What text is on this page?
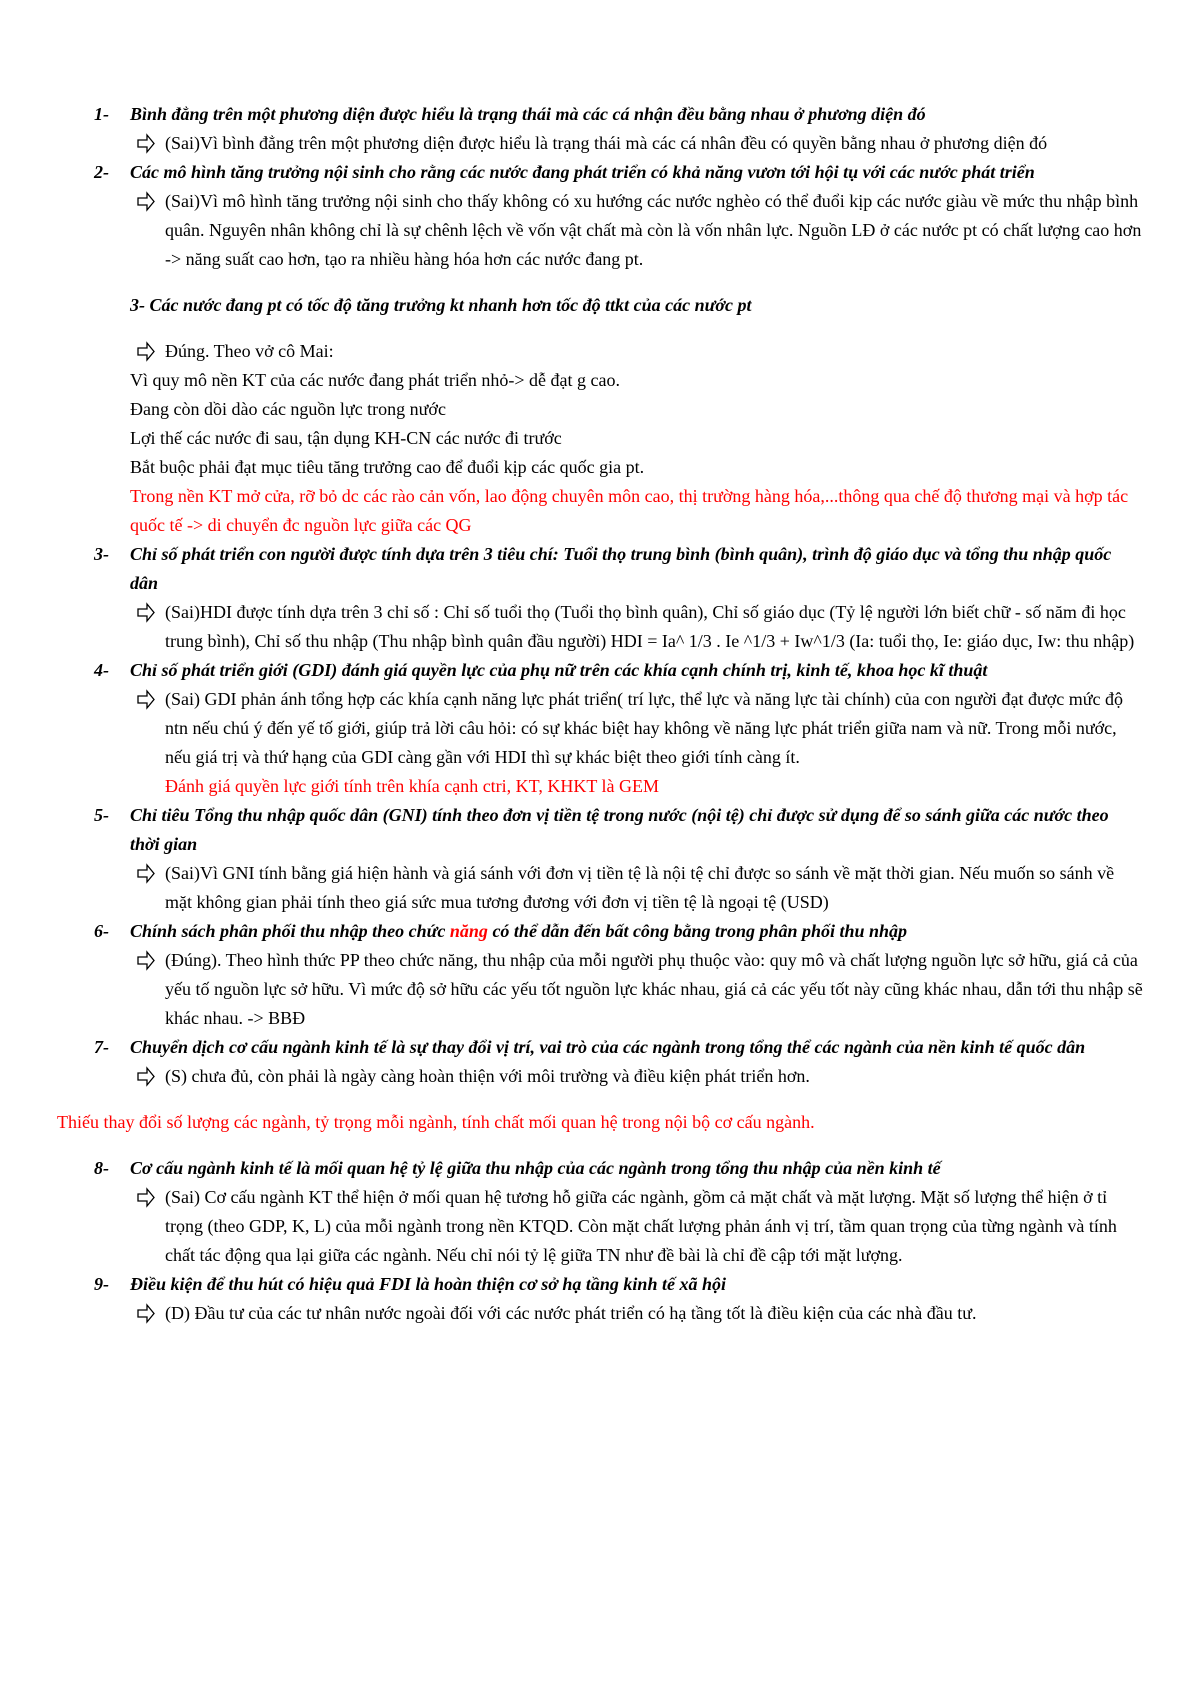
1- Bình đẳng trên một phương diện được hiểu là trạng thái mà các cá nhận đều bằng nhau ở phương diện đó
(Sai)Vì bình đẳng trên một phương diện được hiểu là trạng thái mà các cá nhân đều có quyền bằng nhau ở phương diện đó
2- Các mô hình tăng trưởng nội sinh cho rằng các nước đang phát triển có khả năng vươn tới hội tụ với các nước phát triển
(Sai)Vì mô hình tăng trưởng nội sinh cho thấy không có xu hướng các nước nghèo có thể đuổi kịp các nước giàu về mức thu nhập bình quân. Nguyên nhân không chỉ là sự chênh lệch về vốn vật chất mà còn là vốn nhân lực. Nguồn LĐ ở các nước pt có chất lượng cao hơn -> năng suất cao hơn, tạo ra nhiều hàng hóa hơn các nước đang pt.
3- Các nước đang pt có tốc độ tăng trưởng kt nhanh hơn tốc độ ttkt của các nước pt
Đúng. Theo vở cô Mai:
Vì quy mô nền KT của các nước đang phát triển nhỏ-> dễ đạt g cao.
Đang còn dồi dào các nguồn lực trong nước
Lợi thế các nước đi sau, tận dụng KH-CN các nước đi trước
Bắt buộc phải đạt mục tiêu tăng trưởng cao để đuổi kịp các quốc gia pt.
Trong nền KT mở cửa, rỡ bỏ dc các rào cản vốn, lao động chuyên môn cao, thị trường hàng hóa,...thông qua chế độ thương mại và hợp tác quốc tế -> di chuyển đc nguồn lực giữa các QG
3- Chỉ số phát triển con người được tính dựa trên 3 tiêu chí: Tuổi thọ trung bình (bình quân), trình độ giáo dục và tổng thu nhập quốc dân
(Sai)HDI được tính dựa trên 3 chỉ số : Chỉ số tuổi thọ (Tuổi thọ bình quân), Chỉ số giáo dục (Tỷ lệ người lớn biết chữ - số năm đi học trung bình), Chỉ số thu nhập (Thu nhập bình quân đầu người) HDI = Ia^ 1/3 . Ie ^1/3 + Iw^1/3 (Ia: tuổi thọ, Ie: giáo dục, Iw: thu nhập)
4- Chỉ số phát triển giới (GDI) đánh giá quyền lực của phụ nữ trên các khía cạnh chính trị, kinh tế, khoa học kĩ thuật
(Sai) GDI phản ánh tổng hợp các khía cạnh năng lực phát triển( trí lực, thể lực và năng lực tài chính) của con người đạt được mức độ ntn nếu chú ý đến yế tố giới, giúp trả lời câu hỏi: có sự khác biệt hay không về năng lực phát triển giữa nam và nữ. Trong mỗi nước, nếu giá trị và thứ hạng của GDI càng gần với HDI thì sự khác biệt theo giới tính càng ít.
Đánh giá quyền lực giới tính trên khía cạnh ctri, KT, KHKT là GEM
5- Chỉ tiêu Tổng thu nhập quốc dân (GNI) tính theo đơn vị tiền tệ trong nước (nội tệ) chỉ được sử dụng để so sánh giữa các nước theo thời gian
(Sai)Vì GNI tính bằng giá hiện hành và giá sánh với đơn vị tiền tệ là nội tệ chỉ được so sánh về mặt thời gian. Nếu muốn so sánh về mặt không gian phải tính theo giá sức mua tương đương với đơn vị tiền tệ là ngoại tệ (USD)
6- Chính sách phân phối thu nhập theo chức năng có thể dẫn đến bất công bằng trong phân phối thu nhập
(Đúng). Theo hình thức PP theo chức năng, thu nhập của mỗi người phụ thuộc vào: quy mô và chất lượng nguồn lực sở hữu, giá cả của yếu tố nguồn lực sở hữu. Vì mức độ sở hữu các yếu tốt nguồn lực khác nhau, giá cả các yếu tốt này cũng khác nhau, dẫn tới thu nhập sẽ khác nhau. -> BBĐ
7- Chuyển dịch cơ cấu ngành kinh tế là sự thay đổi vị trí, vai trò của các ngành trong tổng thể các ngành của nền kinh tế quốc dân
(S) chưa đủ, còn phải là ngày càng hoàn thiện với môi trường và điều kiện phát triển hơn.
Thiếu thay đổi số lượng các ngành, tỷ trọng mỗi ngành, tính chất mối quan hệ trong nội bộ cơ cấu ngành.
8- Cơ cấu ngành kinh tế là mối quan hệ tỷ lệ giữa thu nhập của các ngành trong tổng thu nhập của nền kinh tế
(Sai) Cơ cấu ngành KT thể hiện ở mối quan hệ tương hỗ giữa các ngành, gồm cả mặt chất và mặt lượng. Mặt số lượng thể hiện ở tỉ trọng (theo GDP, K, L) của mỗi ngành trong nền KTQD. Còn mặt chất lượng phản ánh vị trí, tầm quan trọng của từng ngành và tính chất tác động qua lại giữa các ngành. Nếu chỉ nói tỷ lệ giữa TN như đề bài là chỉ đề cập tới mặt lượng.
9- Điều kiện để thu hút có hiệu quả FDI là hoàn thiện cơ sở hạ tầng kinh tế xã hội
(D) Đầu tư của các tư nhân nước ngoài đối với các nước phát triển có hạ tầng tốt là điều kiện của các nhà đầu tư.
